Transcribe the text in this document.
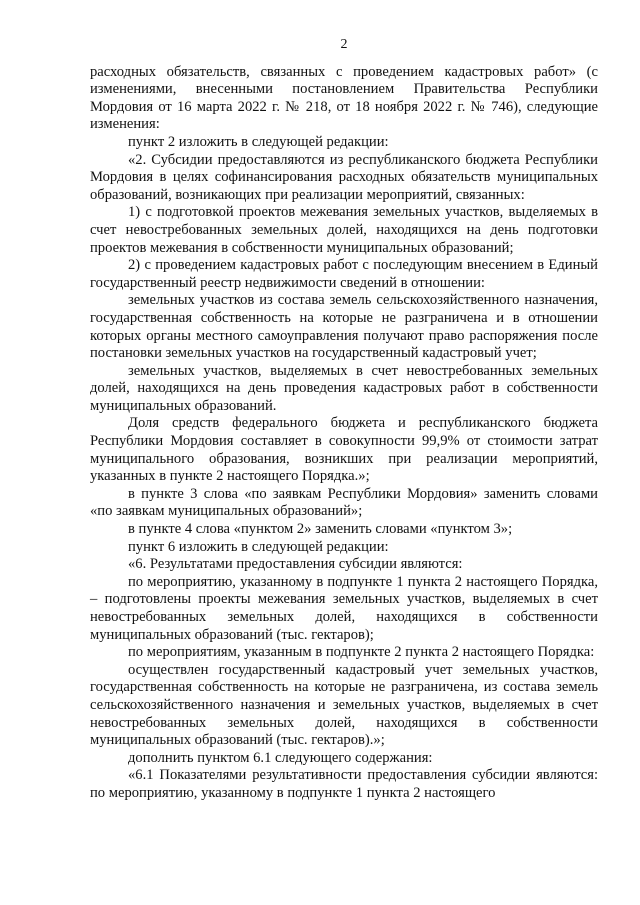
2

расходных обязательств, связанных с проведением кадастровых работ» (с изменениями, внесенными постановлением Правительства Республики Мордовия от 16 марта 2022 г. № 218, от 18 ноября 2022 г. № 746), следующие изменения:

пункт 2 изложить в следующей редакции:

«2. Субсидии предоставляются из республиканского бюджета Республики Мордовия в целях софинансирования расходных обязательств муниципальных образований, возникающих при реализации мероприятий, связанных:

1) с подготовкой проектов межевания земельных участков, выделяемых в счет невостребованных земельных долей, находящихся на день подготовки проектов межевания в собственности муниципальных образований;

2) с проведением кадастровых работ с последующим внесением в Единый государственный реестр недвижимости сведений в отношении:

земельных участков из состава земель сельскохозяйственного назначения, государственная собственность на которые не разграничена и в отношении которых органы местного самоуправления получают право распоряжения после постановки земельных участков на государственный кадастровый учет;

земельных участков, выделяемых в счет невостребованных земельных долей, находящихся на день проведения кадастровых работ в собственности муниципальных образований.

Доля средств федерального бюджета и республиканского бюджета Республики Мордовия составляет в совокупности 99,9% от стоимости затрат муниципального образования, возникших при реализации мероприятий, указанных в пункте 2 настоящего Порядка.»;

в пункте 3 слова «по заявкам Республики Мордовия» заменить словами «по заявкам муниципальных образований»;

в пункте 4 слова «пунктом 2» заменить словами «пунктом 3»;

пункт 6 изложить в следующей редакции:

«6. Результатами предоставления субсидии являются:

по мероприятию, указанному в подпункте 1 пункта 2 настоящего Порядка, – подготовлены проекты межевания земельных участков, выделяемых в счет невостребованных земельных долей, находящихся в собственности муниципальных образований (тыс. гектаров);

по мероприятиям, указанным в подпункте 2 пункта 2 настоящего Порядка:

осуществлен государственный кадастровый учет земельных участков, государственная собственность на которые не разграничена, из состава земель сельскохозяйственного назначения и земельных участков, выделяемых в счет невостребованных земельных долей, находящихся в собственности муниципальных образований (тыс. гектаров).»;

дополнить пунктом 6.1 следующего содержания:

«6.1 Показателями результативности предоставления субсидии являются: по мероприятию, указанному в подпункте 1 пункта 2 настоящего
